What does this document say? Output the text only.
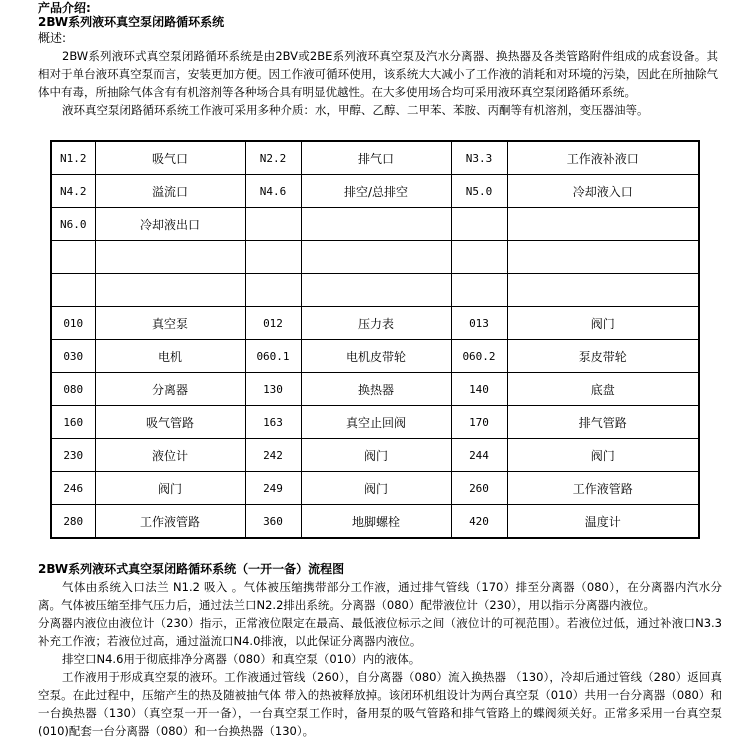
产品介绍:
2BW系列液环真空泵闭路循环系统
概述:

2BW系列液环式真空泵闭路循环系统是由2BV或2BE系列液环真空泵及汽水分离器、换热器及各类管路附件组成的成套设备。其相对于单台液环真空泵而言，安装更加方便。因工作液可循环使用，该系统大大减小了工作液的消耗和对环境的污染，因此在所抽除气体中有毒，所抽除气体含有有机溶剂等各种场合具有明显优越性。在大多使用场合均可采用液环真空泵闭路循环系统。

液环真空泵闭路循环系统工作液可采用多种介质：水，甲醇、乙醇、二甲苯、苯胺、丙酮等有机溶剂，变压器油等。

N1.2	吸气口	N2.2	排气口	N3.3	工作液补液口
N4.2	溢流口	N4.6	排空/总排空	N5.0	冷却液入口
N6.0	冷却液出口				

010	真空泵	012	压力表	013	阀门
030	电机	060.1	电机皮带轮	060.2	泵皮带轮
080	分离器	130	换热器	140	底盘
160	吸气管路	163	真空止回阀	170	排气管路
230	液位计	242	阀门	244	阀门
246	阀门	249	阀门	260	工作液管路
280	工作液管路	360	地脚螺栓	420	温度计
2BW系列液环式真空泵闭路循环系统（一开一备）流程图

气体由系统入口法兰 N1.2 吸入 。气体被压缩携带部分工作液，通过排气管线（170）排至分离器（080），在分离器内汽水分离。气体被压缩至排气压力后，通过法兰口N2.2排出系统。分离器（080）配带液位计（230），用以指示分离器内液位。

分离器内液位由液位计（230）指示，正常液位限定在最高、最低液位标示之间（液位计的可视范围）。若液位过低，通过补液口N3.3补充工作液；若液位过高，通过溢流口N4.0排液，以此保证分离器内液位。

排空口N4.6用于彻底排净分离器（080）和真空泵（010）内的液体。

工作液用于形成真空泵的液环。工作液通过管线（260），自分离器（080）流入换热器 （130），冷却后通过管线（280）返回真空泵。在此过程中，压缩产生的热及随被抽气体 带入的热被释放掉。该闭环机组设计为两台真空泵（010）共用一台分离器（080）和一台换热器（130）（真空泵一开一备），一台真空泵工作时，备用泵的吸气管路和排气管路上的蝶阀须关好。正常多采用一台真空泵(010)配套一台分离器（080）和一台换热器（130）。
